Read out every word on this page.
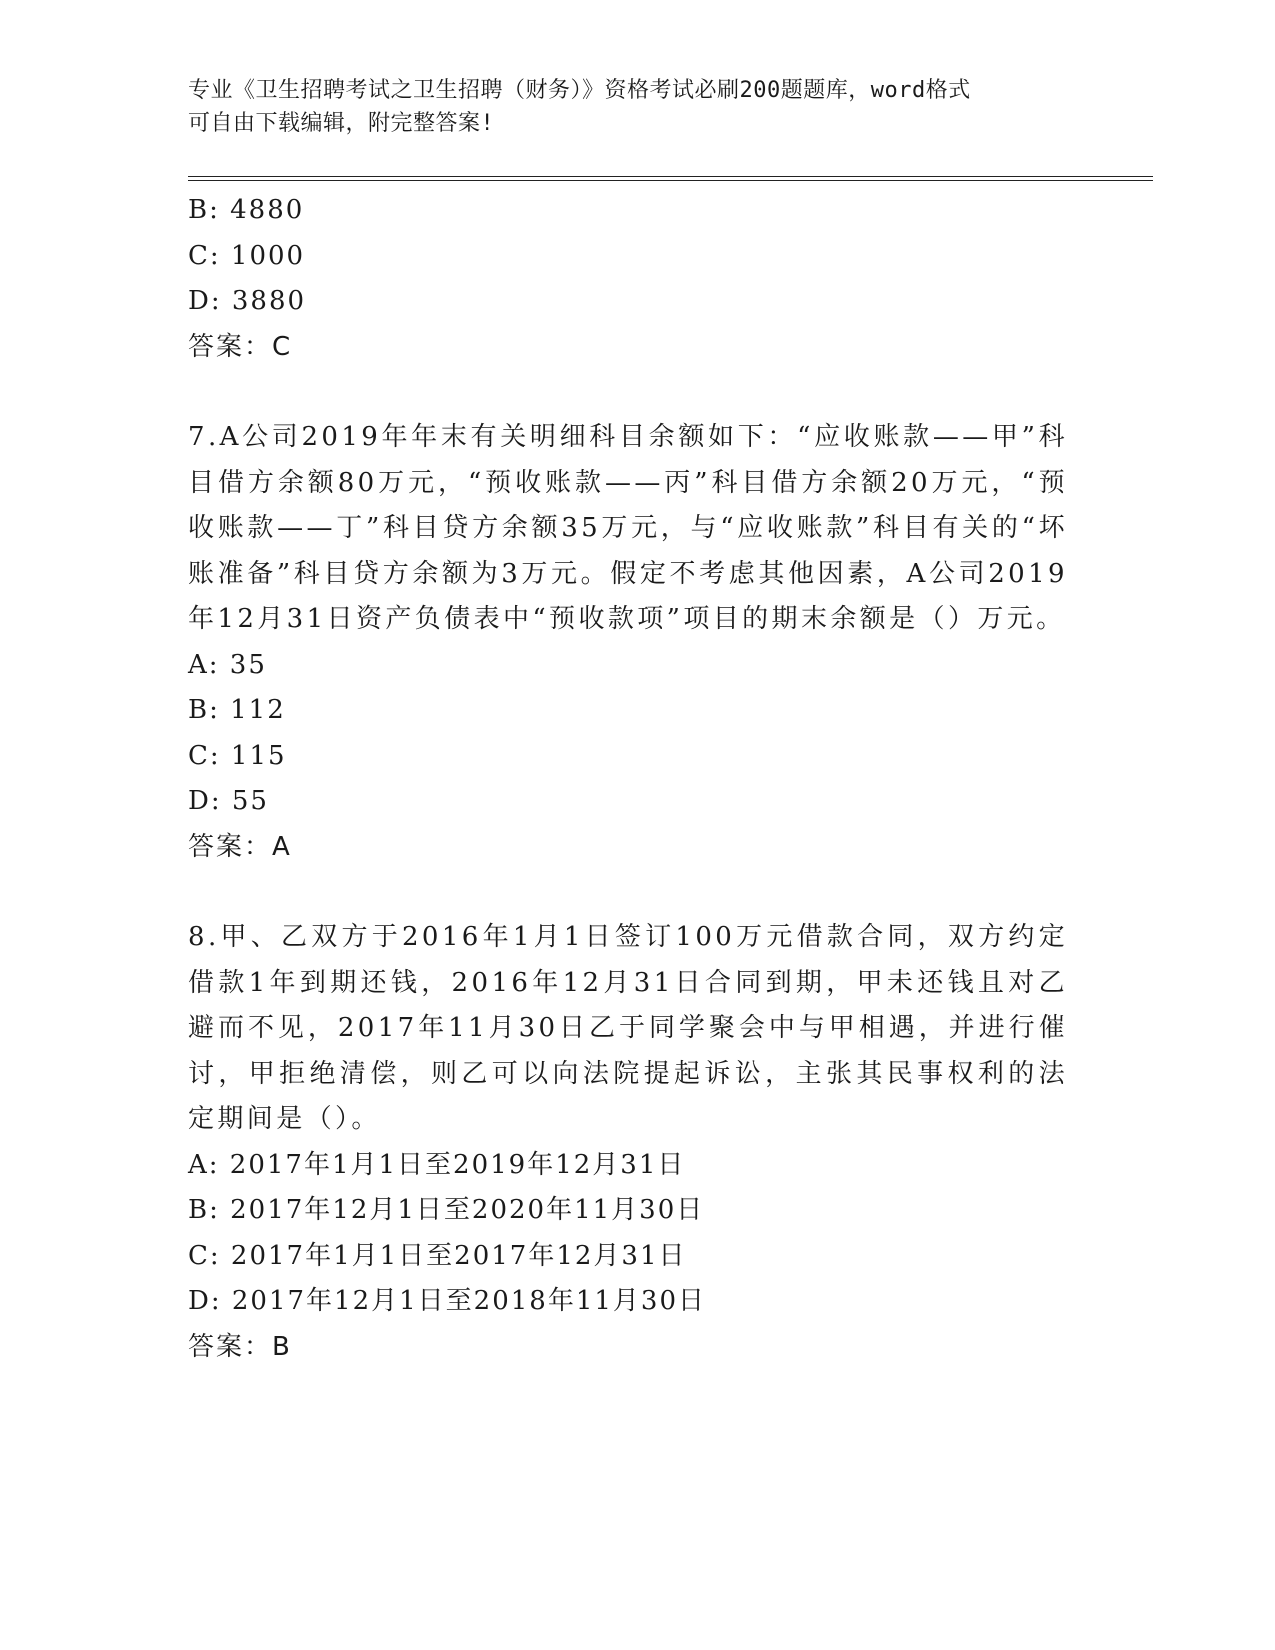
专业《卫生招聘考试之卫生招聘（财务）》资格考试必刷200题题库，word格式
可自由下载编辑，附完整答案!
B: 4880
C: 1000
D: 3880
答案：C
7.A公司2019年年末有关明细科目余额如下：“应收账款——甲”科目借方余额80万元，“预收账款——丙”科目借方余额20万元，“预收账款——丁”科目贷方余额35万元，与“应收账款”科目有关的“坏账准备”科目贷方余额为3万元。假定不考虑其他因素，A公司2019年12月31日资产负债表中“预收款项”项目的期末余额是（）万元。
A: 35
B: 112
C: 115
D: 55
答案：A
8.甲、乙双方于2016年1月1日签订100万元借款合同，双方约定借款1年到期还钱，2016年12月31日合同到期，甲未还钱且对乙避而不见，2017年11月30日乙于同学聚会中与甲相遇，并进行催讨，甲拒绝清偿，则乙可以向法院提起诉讼，主张其民事权利的法定期间是（）。
A: 2017年1月1日至2019年12月31日
B: 2017年12月1日至2020年11月30日
C: 2017年1月1日至2017年12月31日
D: 2017年12月1日至2018年11月30日
答案：B
